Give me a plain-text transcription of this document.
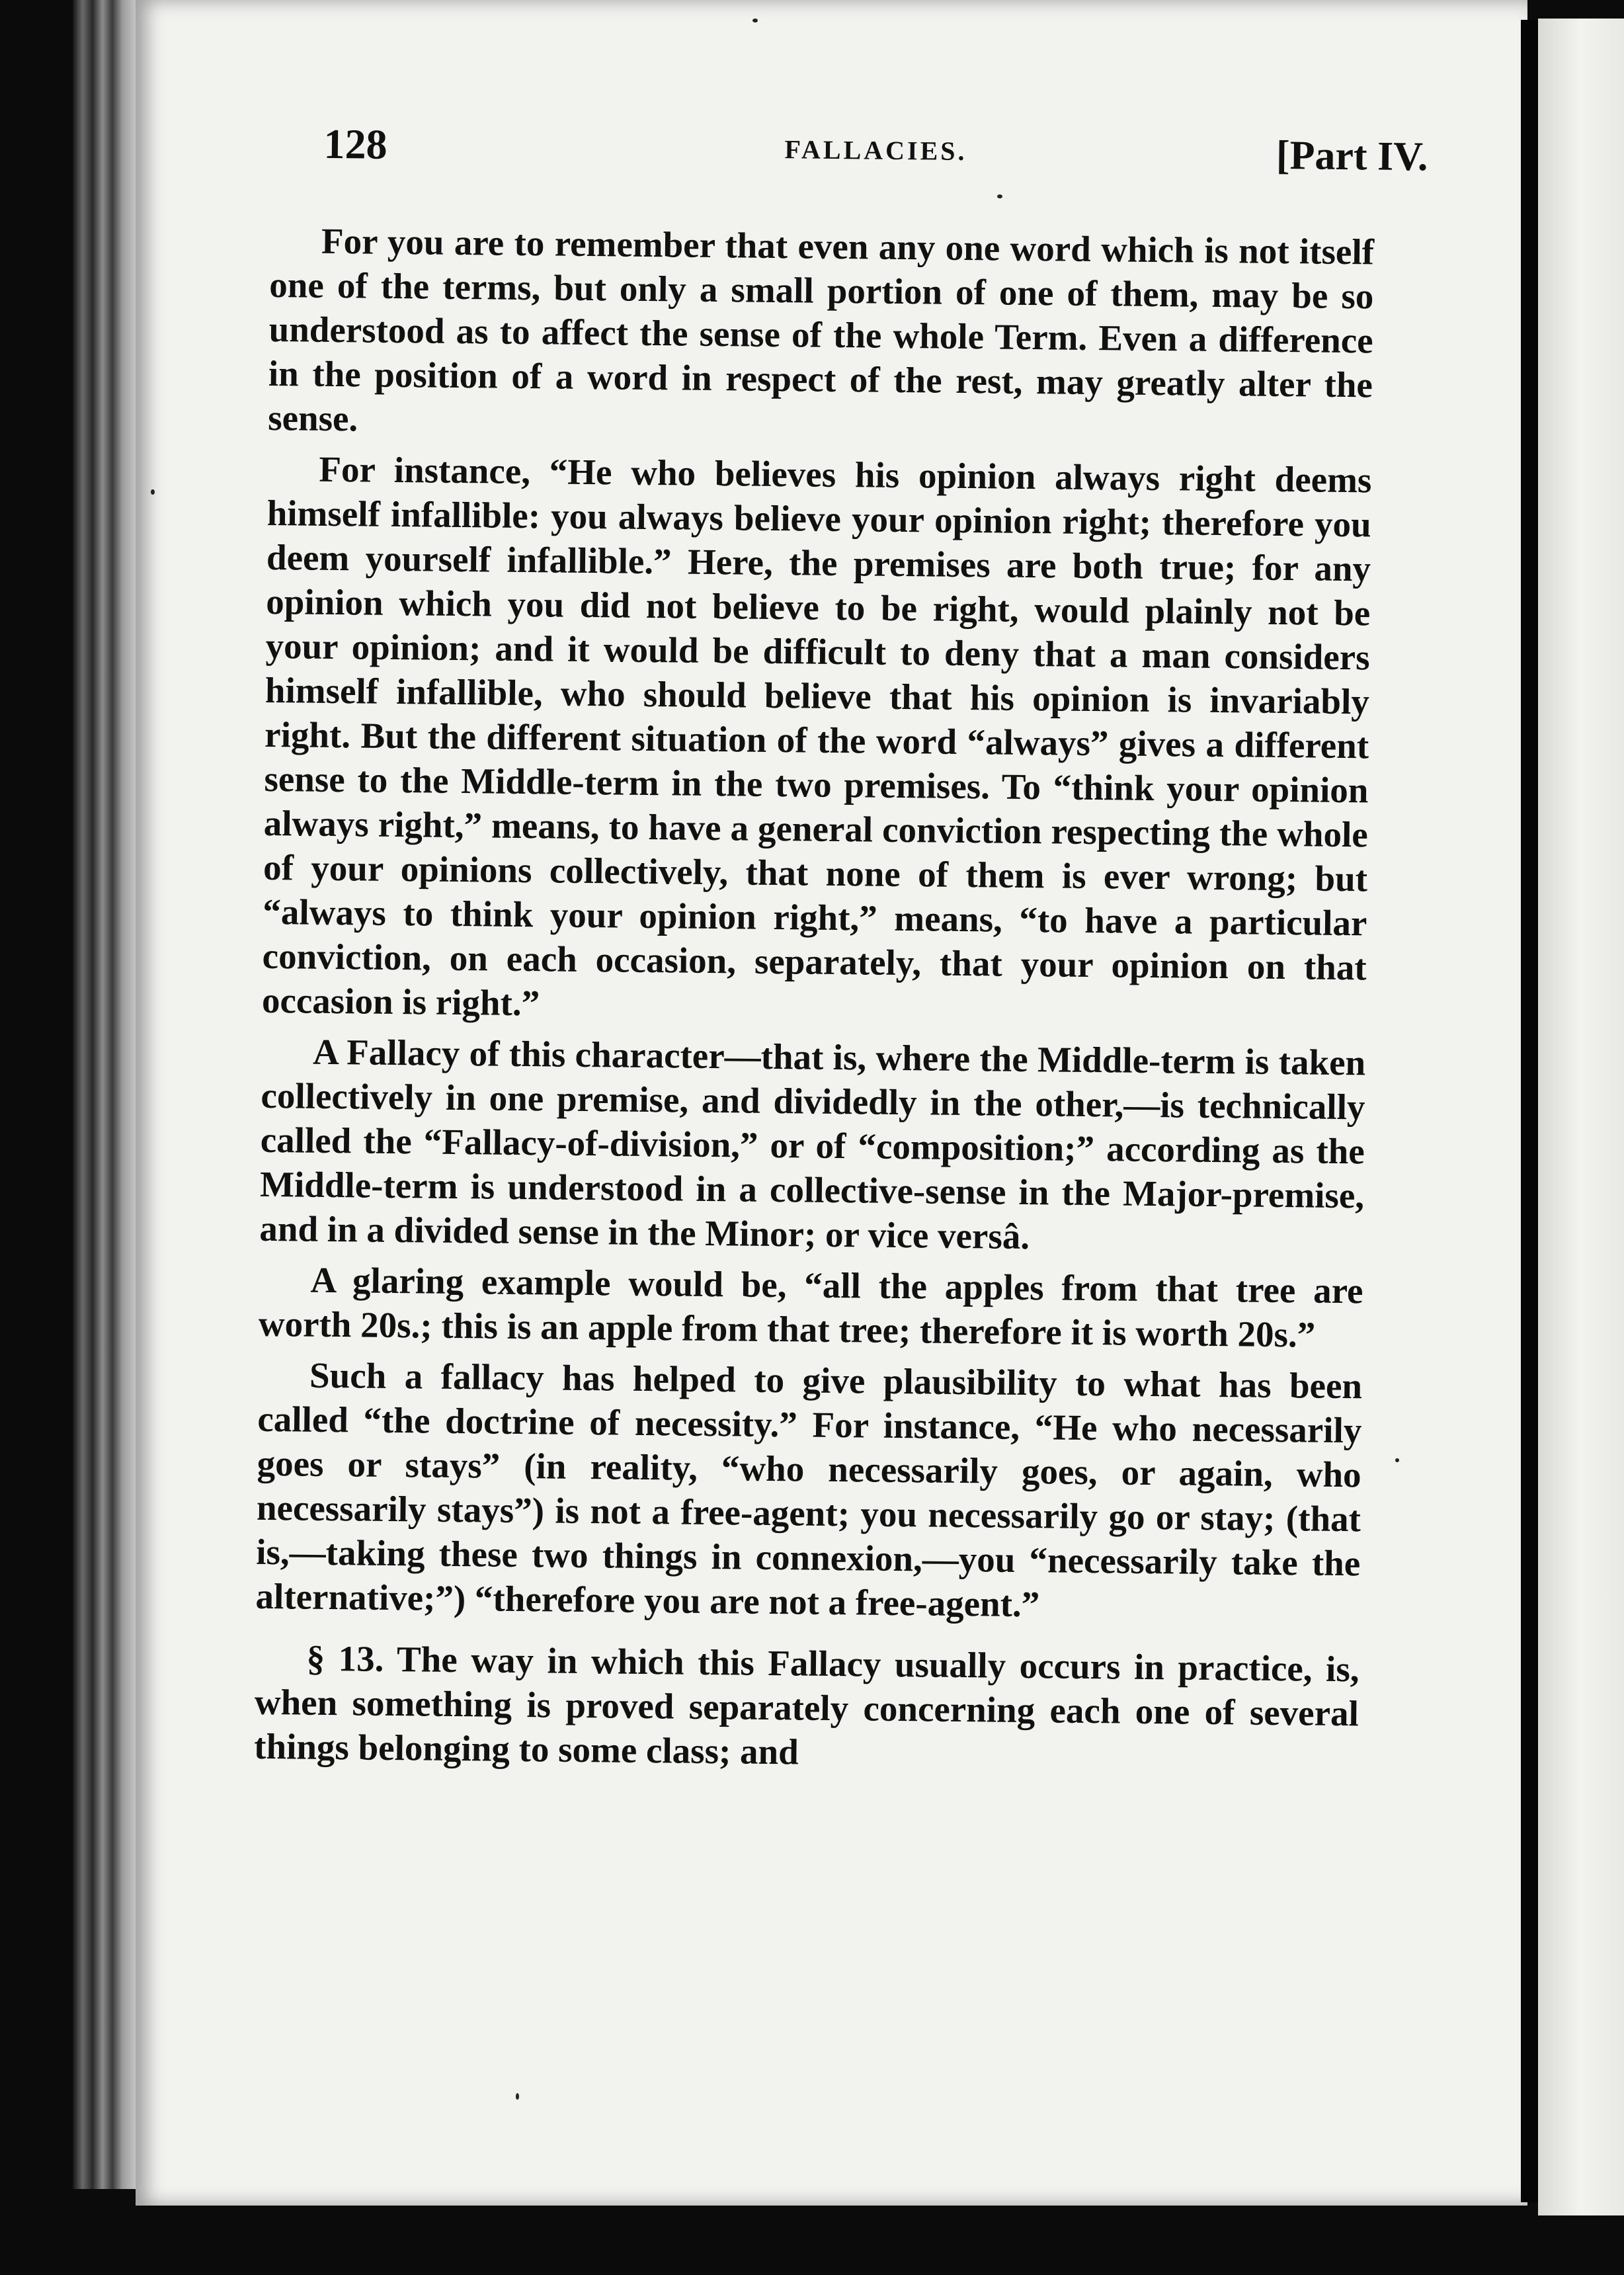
128	FALLACIES.	[Part IV.

For you are to remember that even any one word which is not itself one of the terms, but only a small portion of one of them, may be so understood as to affect the sense of the whole Term. Even a difference in the position of a word in respect of the rest, may greatly alter the sense.

For instance, “He who believes his opinion always right deems himself infallible: you always believe your opinion right; therefore you deem yourself infallible.” Here, the premises are both true; for any opinion which you did not believe to be right, would plainly not be your opinion; and it would be difficult to deny that a man considers himself infallible, who should believe that his opinion is invariably right. But the different situation of the word “always” gives a different sense to the Middle-term in the two premises. To “think your opinion always right,” means, to have a general conviction respecting the whole of your opinions collectively, that none of them is ever wrong; but “always to think your opinion right,” means, “to have a particular conviction, on each occasion, separately, that your opinion on that occasion is right.”

A Fallacy of this character—that is, where the Middle-term is taken collectively in one premise, and dividedly in the other,—is technically called the “Fallacy-of-division,” or of “composition;” according as the Middle-term is understood in a collective-sense in the Major-premise, and in a divided sense in the Minor; or vice versâ.

A glaring example would be, “all the apples from that tree are worth 20s.; this is an apple from that tree; therefore it is worth 20s.”

Such a fallacy has helped to give plausibility to what has been called “the doctrine of necessity.” For instance, “He who necessarily goes or stays” (in reality, “who necessarily goes, or again, who necessarily stays”) is not a free-agent; you necessarily go or stay; (that is,—taking these two things in connexion,—you “necessarily take the alternative;”) “therefore you are not a free-agent.”

§ 13. The way in which this Fallacy usually occurs in practice, is, when something is proved separately concerning each one of several things belonging to some class; and
